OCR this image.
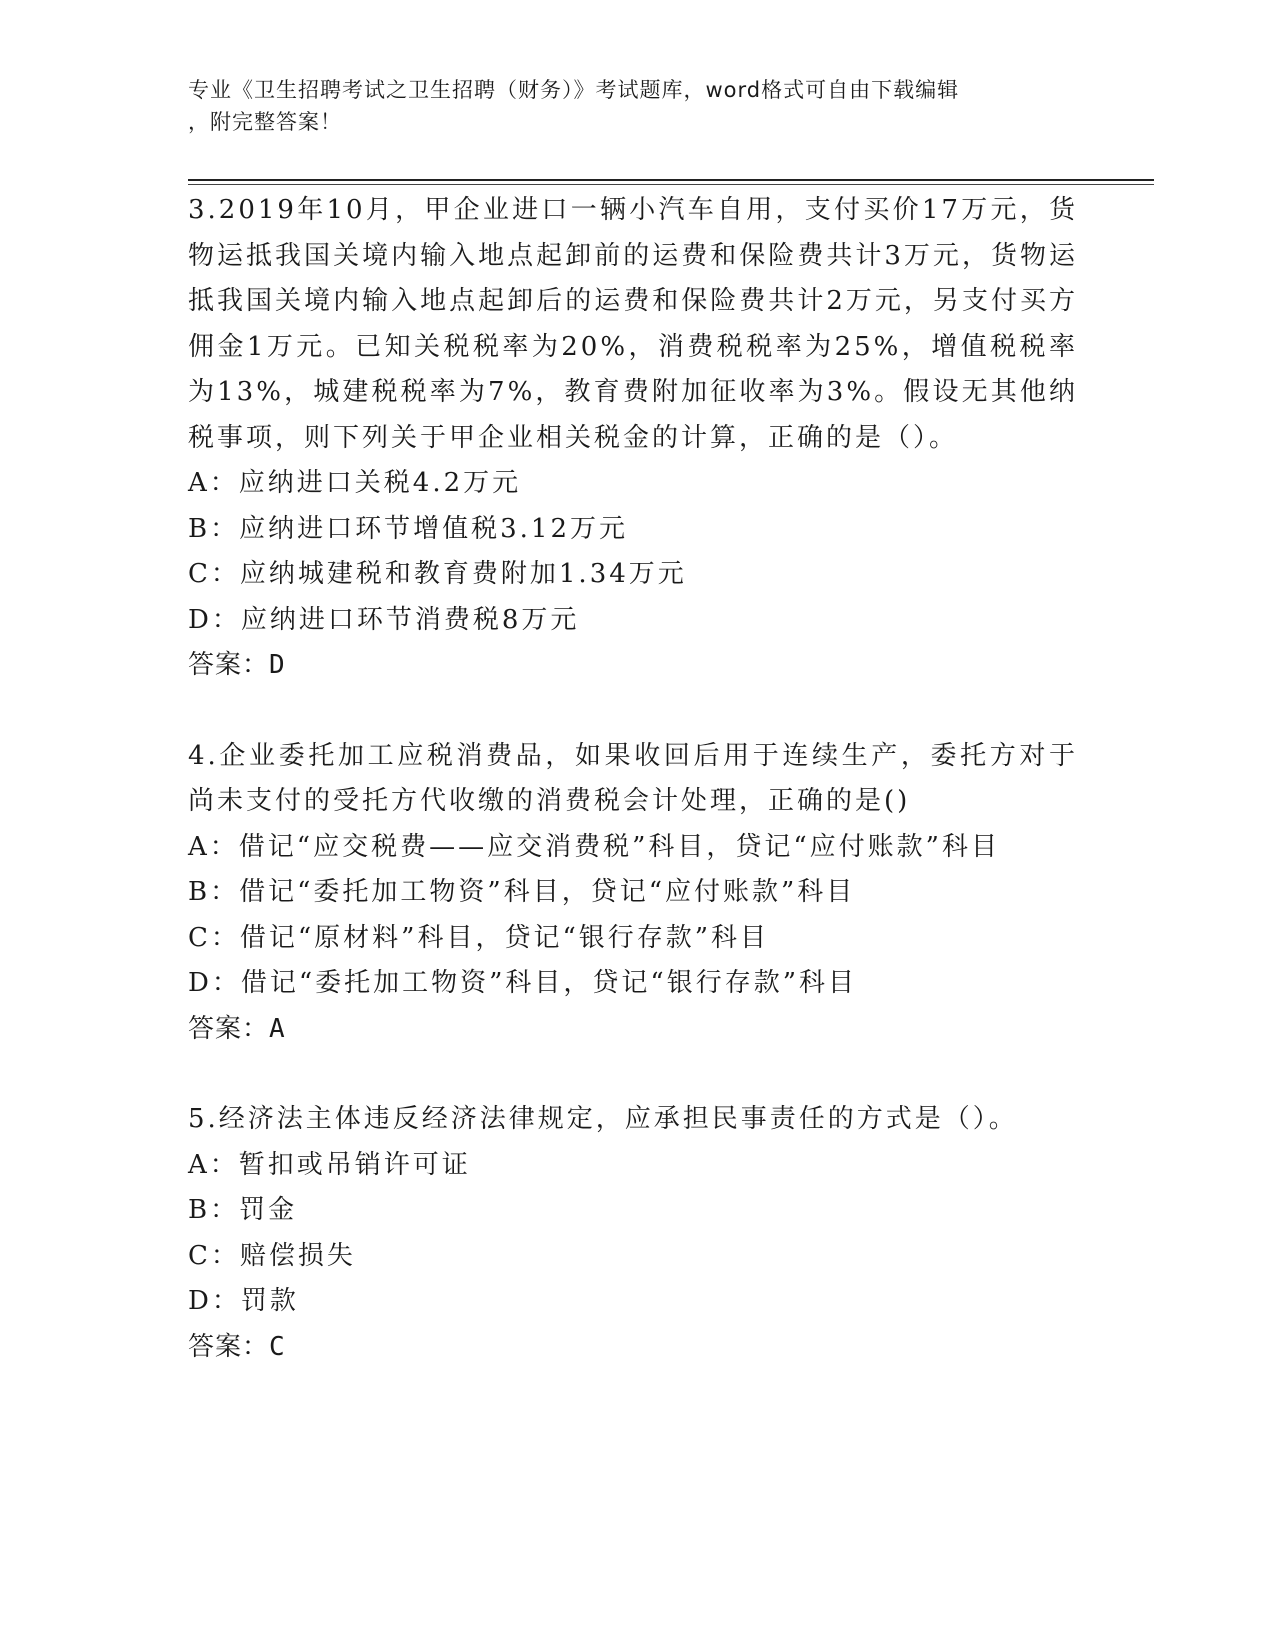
专业《卫生招聘考试之卫生招聘（财务）》考试题库，word格式可自由下载编辑
，附完整答案！
3.2019年10月，甲企业进口一辆小汽车自用，支付买价17万元，货物运抵我国关境内输入地点起卸前的运费和保险费共计3万元，货物运抵我国关境内输入地点起卸后的运费和保险费共计2万元，另支付买方佣金1万元。已知关税税率为20%，消费税税率为25%，增值税税率为13%，城建税税率为7%，教育费附加征收率为3%。假设无其他纳税事项，则下列关于甲企业相关税金的计算，正确的是（）。
A：应纳进口关税4.2万元
B：应纳进口环节增值税3.12万元
C：应纳城建税和教育费附加1.34万元
D：应纳进口环节消费税8万元
答案：D
4.企业委托加工应税消费品，如果收回后用于连续生产，委托方对于尚未支付的受托方代收缴的消费税会计处理，正确的是()
A：借记“应交税费——应交消费税”科目，贷记“应付账款”科目
B：借记“委托加工物资”科目，贷记“应付账款”科目
C：借记“原材料”科目，贷记“银行存款”科目
D：借记“委托加工物资”科目，贷记“银行存款”科目
答案：A
5.经济法主体违反经济法律规定，应承担民事责任的方式是（）。
A：暂扣或吊销许可证
B：罚金
C：赔偿损失
D：罚款
答案：C
